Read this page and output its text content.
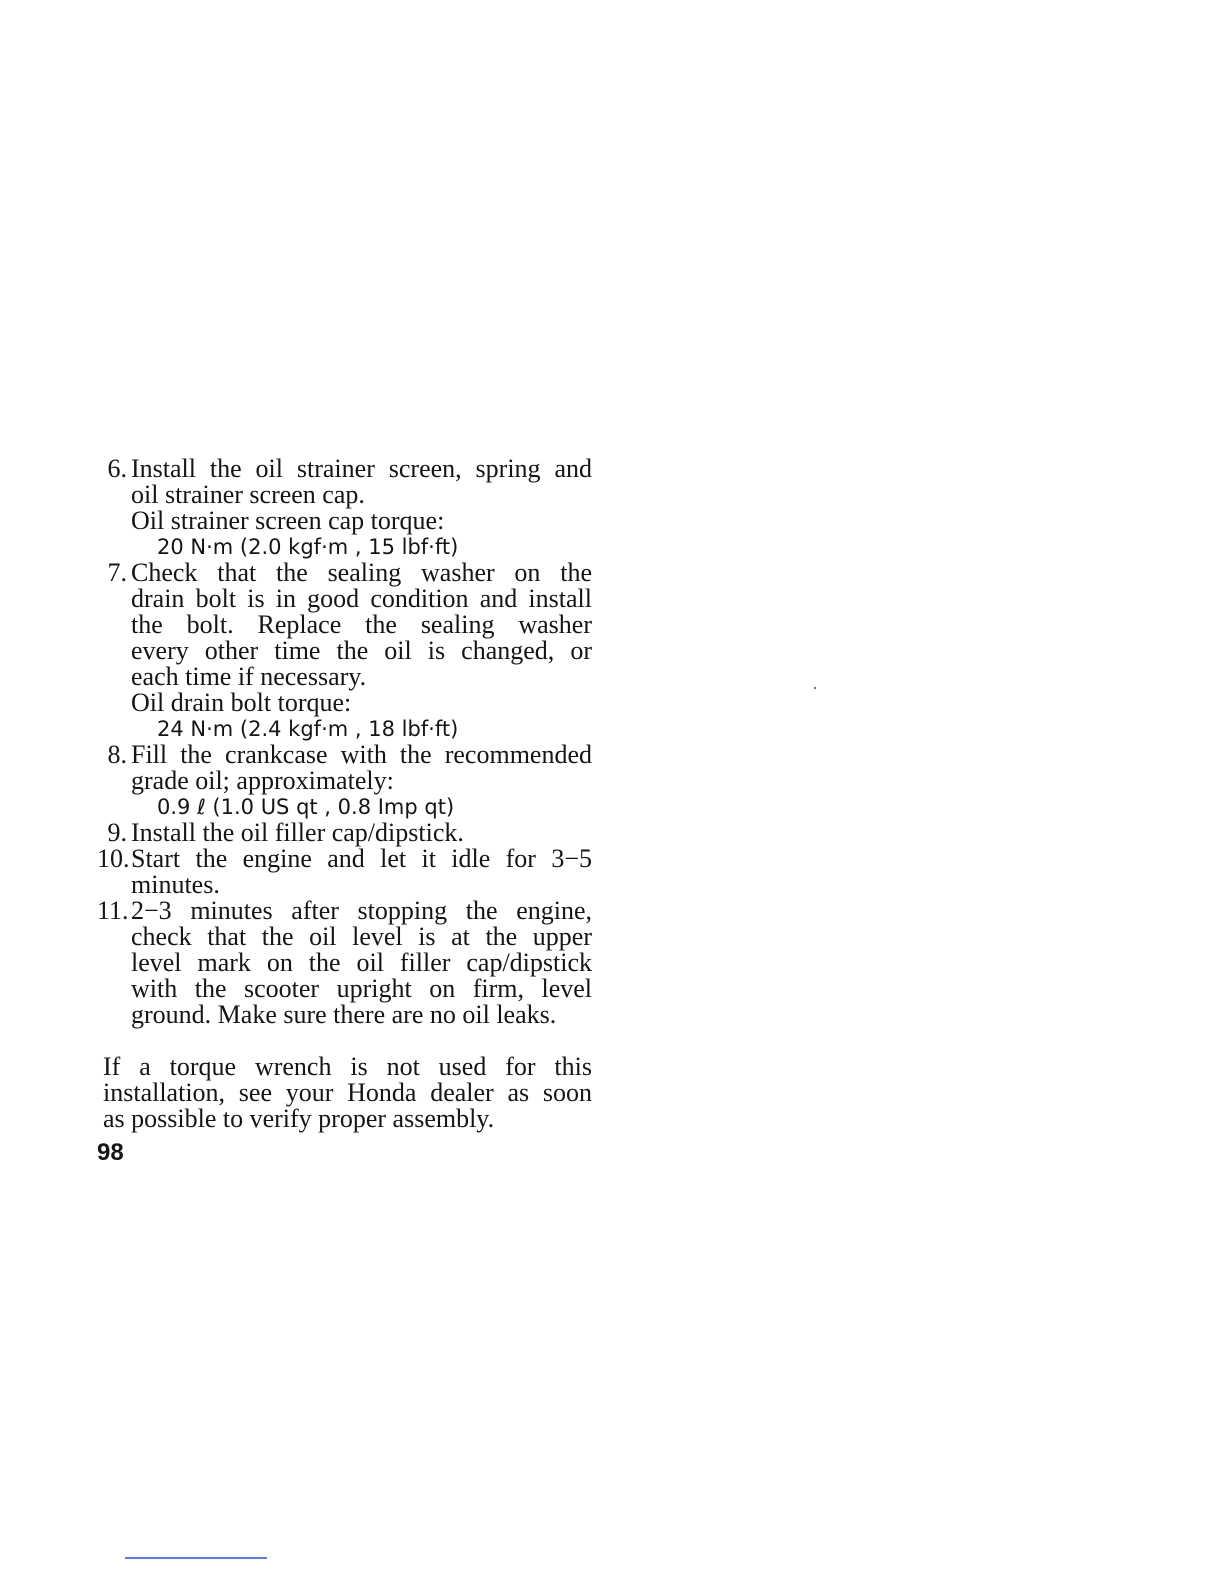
6. Install the oil strainer screen, spring and
oil strainer screen cap.
Oil strainer screen cap torque:
20 N·m (2.0 kgf·m , 15 lbf·ft)
7. Check that the sealing washer on the
drain bolt is in good condition and install
the bolt. Replace the sealing washer
every other time the oil is changed, or
each time if necessary.
Oil drain bolt torque:
24 N·m (2.4 kgf·m , 18 lbf·ft)
8. Fill the crankcase with the recommended
grade oil; approximately:
0.9 ℓ (1.0 US qt , 0.8 Imp qt)
9. Install the oil filler cap/dipstick.
10. Start the engine and let it idle for 3−5
minutes.
11. 2−3 minutes after stopping the engine,
check that the oil level is at the upper
level mark on the oil filler cap/dipstick
with the scooter upright on firm, level
ground. Make sure there are no oil leaks.
If a torque wrench is not used for this
installation, see your Honda dealer as soon
as possible to verify proper assembly.
98
